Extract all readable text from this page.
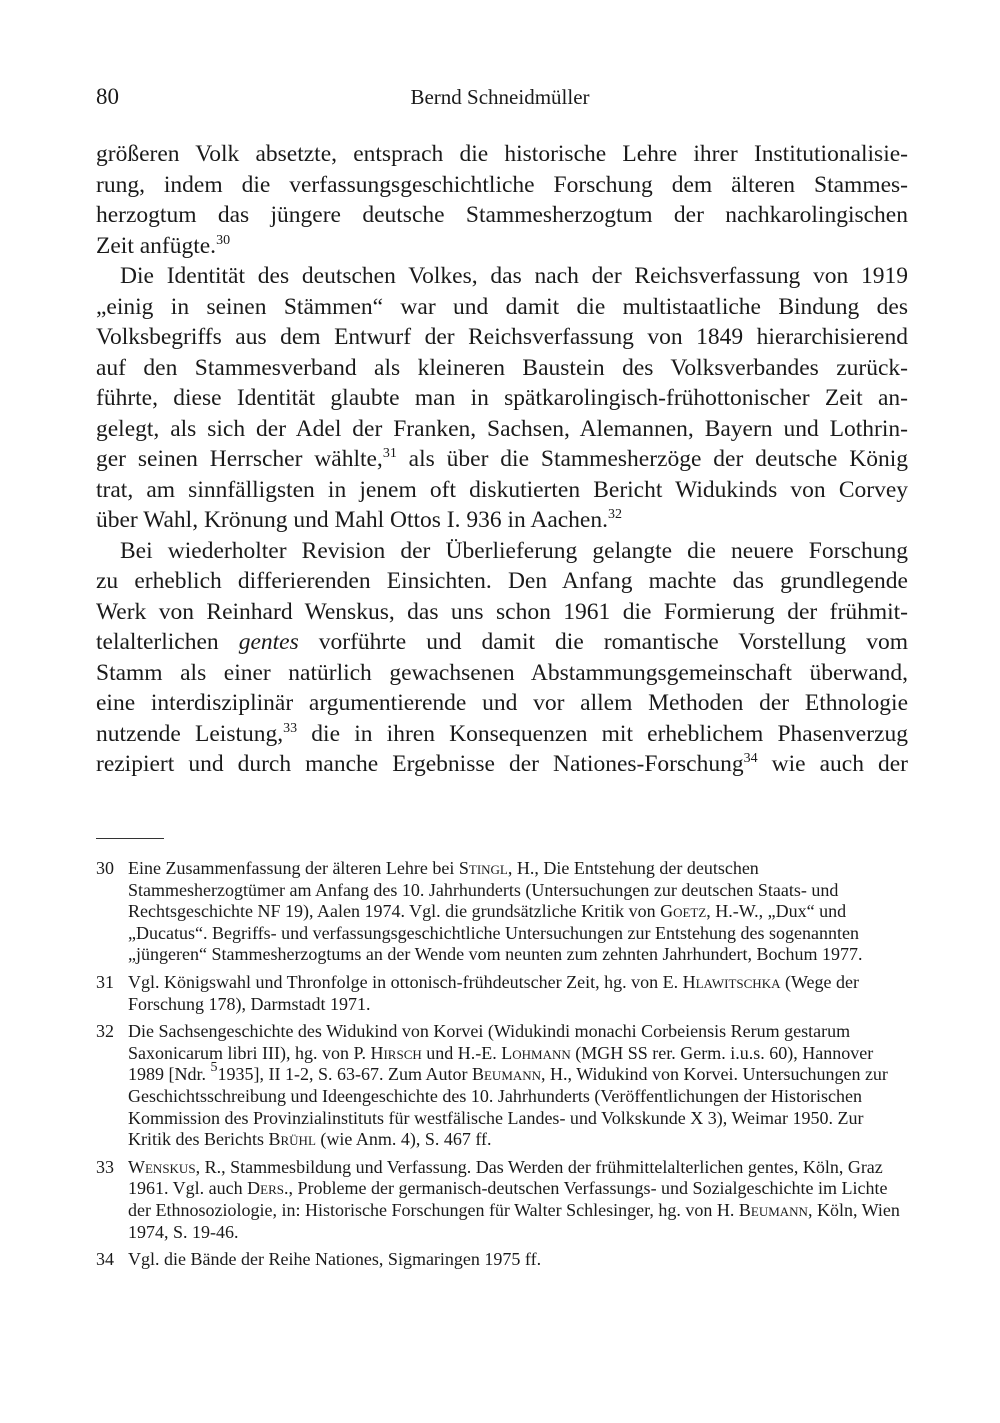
80	Bernd Schneidmüller
größeren Volk absetzte, entsprach die historische Lehre ihrer Institutionalisie-
rung, indem die verfassungsgeschichtliche Forschung dem älteren Stammes-
herzogtum das jüngere deutsche Stammesherzogtum der nachkarolingischen
Zeit anfügte.$^{30}$
Die Identität des deutschen Volkes, das nach der Reichsverfassung von 1919
„einig in seinen Stämmen“ war und damit die multistaatliche Bindung des
Volksbegriffs aus dem Entwurf der Reichsverfassung von 1849 hierarchisierend
auf den Stammesverband als kleineren Baustein des Volksverbandes zurück-
führte, diese Identität glaubte man in spätkarolingisch-frühottonischer Zeit an-
gelegt, als sich der Adel der Franken, Sachsen, Alemannen, Bayern und Lothrin-
ger seinen Herrscher wählte,$^{31}$ als über die Stammesherzöge der deutsche König
trat, am sinnfälligsten in jenem oft diskutierten Bericht Widukinds von Corvey
über Wahl, Krönung und Mahl Ottos I. 936 in Aachen.$^{32}$
Bei wiederholter Revision der Überlieferung gelangte die neuere Forschung
zu erheblich differierenden Einsichten. Den Anfang machte das grundlegende
Werk von Reinhard Wenskus, das uns schon 1961 die Formierung der frühmit-
telalterlichen gentes vorführte und damit die romantische Vorstellung vom
Stamm als einer natürlich gewachsenen Abstammungsgemeinschaft überwand,
eine interdisziplinär argumentierende und vor allem Methoden der Ethnologie
nutzende Leistung,$^{33}$ die in ihren Konsequenzen mit erheblichem Phasenverzug
rezipiert und durch manche Ergebnisse der Nationes-Forschung$^{34}$ wie auch der
30 Eine Zusammenfassung der älteren Lehre bei Stingl, H., Die Entstehung der deutschen Stammesherzogtümer am Anfang des 10. Jahrhunderts (Untersuchungen zur deutschen Staats- und Rechtsgeschichte NF 19), Aalen 1974. Vgl. die grundsätzliche Kritik von Goetz, H.-W., „Dux“ und „Ducatus“. Begriffs- und verfassungsgeschichtliche Untersuchungen zur Entstehung des sogenannten „jüngeren“ Stammesherzogtums an der Wende vom neunten zum zehnten Jahrhundert, Bochum 1977.
31 Vgl. Königswahl und Thronfolge in ottonisch-frühdeutscher Zeit, hg. von E. Hlawitschka (Wege der Forschung 178), Darmstadt 1971.
32 Die Sachsengeschichte des Widukind von Korvei (Widukindi monachi Corbeiensis Rerum gestarum Saxonicarum libri III), hg. von P. Hirsch und H.-E. Lohmann (MGH SS rer. Germ. i.u.s. 60), Hannover 1989 [Ndr. $^5$1935], II 1-2, S. 63-67. Zum Autor Beumann, H., Widukind von Korvei. Untersuchungen zur Geschichtsschreibung und Ideengeschichte des 10. Jahrhunderts (Veröffentlichungen der Historischen Kommission des Provinzialinstituts für westfälische Landes- und Volkskunde X 3), Weimar 1950. Zur Kritik des Berichts Brühl (wie Anm. 4), S. 467 ff.
33 Wenskus, R., Stammesbildung und Verfassung. Das Werden der frühmittelalterlichen gentes, Köln, Graz 1961. Vgl. auch Ders., Probleme der germanisch-deutschen Verfassungs- und Sozialgeschichte im Lichte der Ethnosoziologie, in: Historische Forschungen für Walter Schlesinger, hg. von H. Beumann, Köln, Wien 1974, S. 19-46.
34 Vgl. die Bände der Reihe Nationes, Sigmaringen 1975 ff.
